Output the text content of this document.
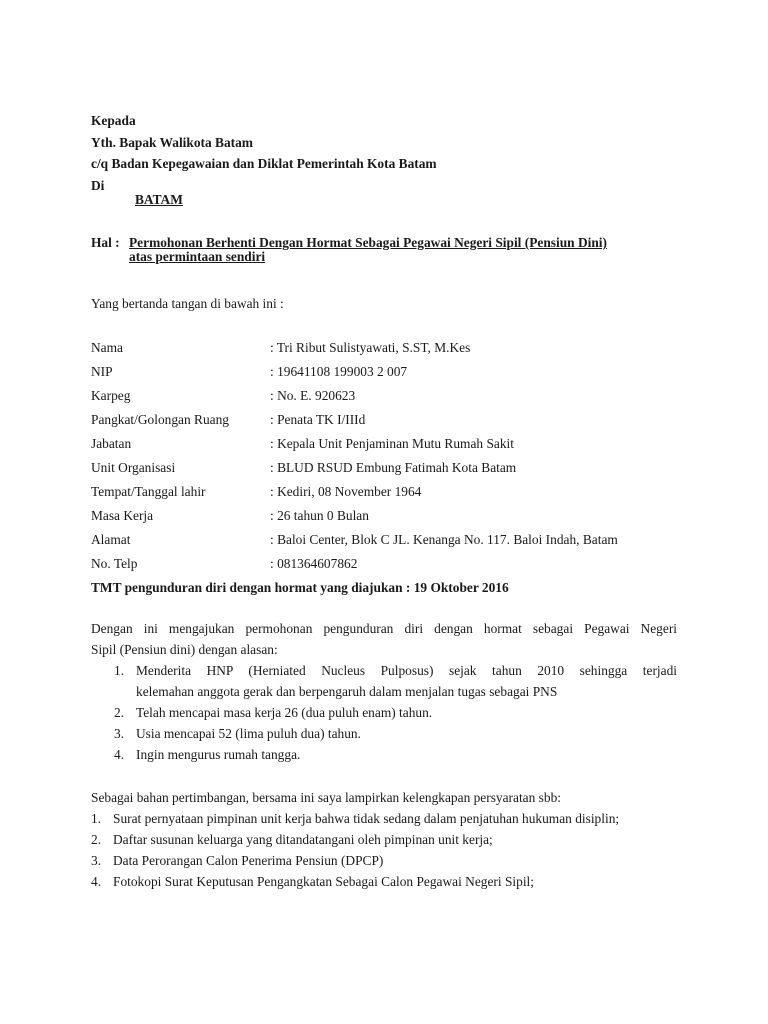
Kepada
Yth. Bapak Walikota Batam
c/q Badan Kepegawaian dan Diklat Pemerintah Kota Batam
Di
BATAM
Hal : Permohonan Berhenti Dengan Hormat Sebagai Pegawai Negeri Sipil (Pensiun Dini)
atas permintaan sendiri
Yang bertanda tangan di bawah ini :
Nama	: Tri Ribut Sulistyawati, S.ST, M.Kes
NIP	: 19641108 199003 2 007
Karpeg	: No. E. 920623
Pangkat/Golongan Ruang	: Penata TK I/IIId
Jabatan	: Kepala Unit Penjaminan Mutu Rumah Sakit
Unit Organisasi	: BLUD RSUD Embung Fatimah Kota Batam
Tempat/Tanggal lahir	: Kediri, 08 November 1964
Masa Kerja	: 26 tahun 0 Bulan
Alamat	: Baloi Center, Blok C JL. Kenanga No. 117. Baloi Indah, Batam
No. Telp	: 081364607862
TMT pengunduran diri dengan hormat yang diajukan : 19 Oktober 2016
Dengan ini mengajukan permohonan pengunduran diri dengan hormat sebagai Pegawai Negeri
Sipil (Pensiun dini) dengan alasan:
1. Menderita HNP (Herniated Nucleus Pulposus) sejak tahun 2010 sehingga terjadi
kelemahan anggota gerak dan berpengaruh dalam menjalan tugas sebagai PNS
2. Telah mencapai masa kerja 26 (dua puluh enam) tahun.
3. Usia mencapai 52 (lima puluh dua) tahun.
4. Ingin mengurus rumah tangga.
Sebagai bahan pertimbangan, bersama ini saya lampirkan kelengkapan persyaratan sbb:
1. Surat pernyataan pimpinan unit kerja bahwa tidak sedang dalam penjatuhan hukuman disiplin;
2. Daftar susunan keluarga yang ditandatangani oleh pimpinan unit kerja;
3. Data Perorangan Calon Penerima Pensiun (DPCP)
4. Fotokopi Surat Keputusan Pengangkatan Sebagai Calon Pegawai Negeri Sipil;
